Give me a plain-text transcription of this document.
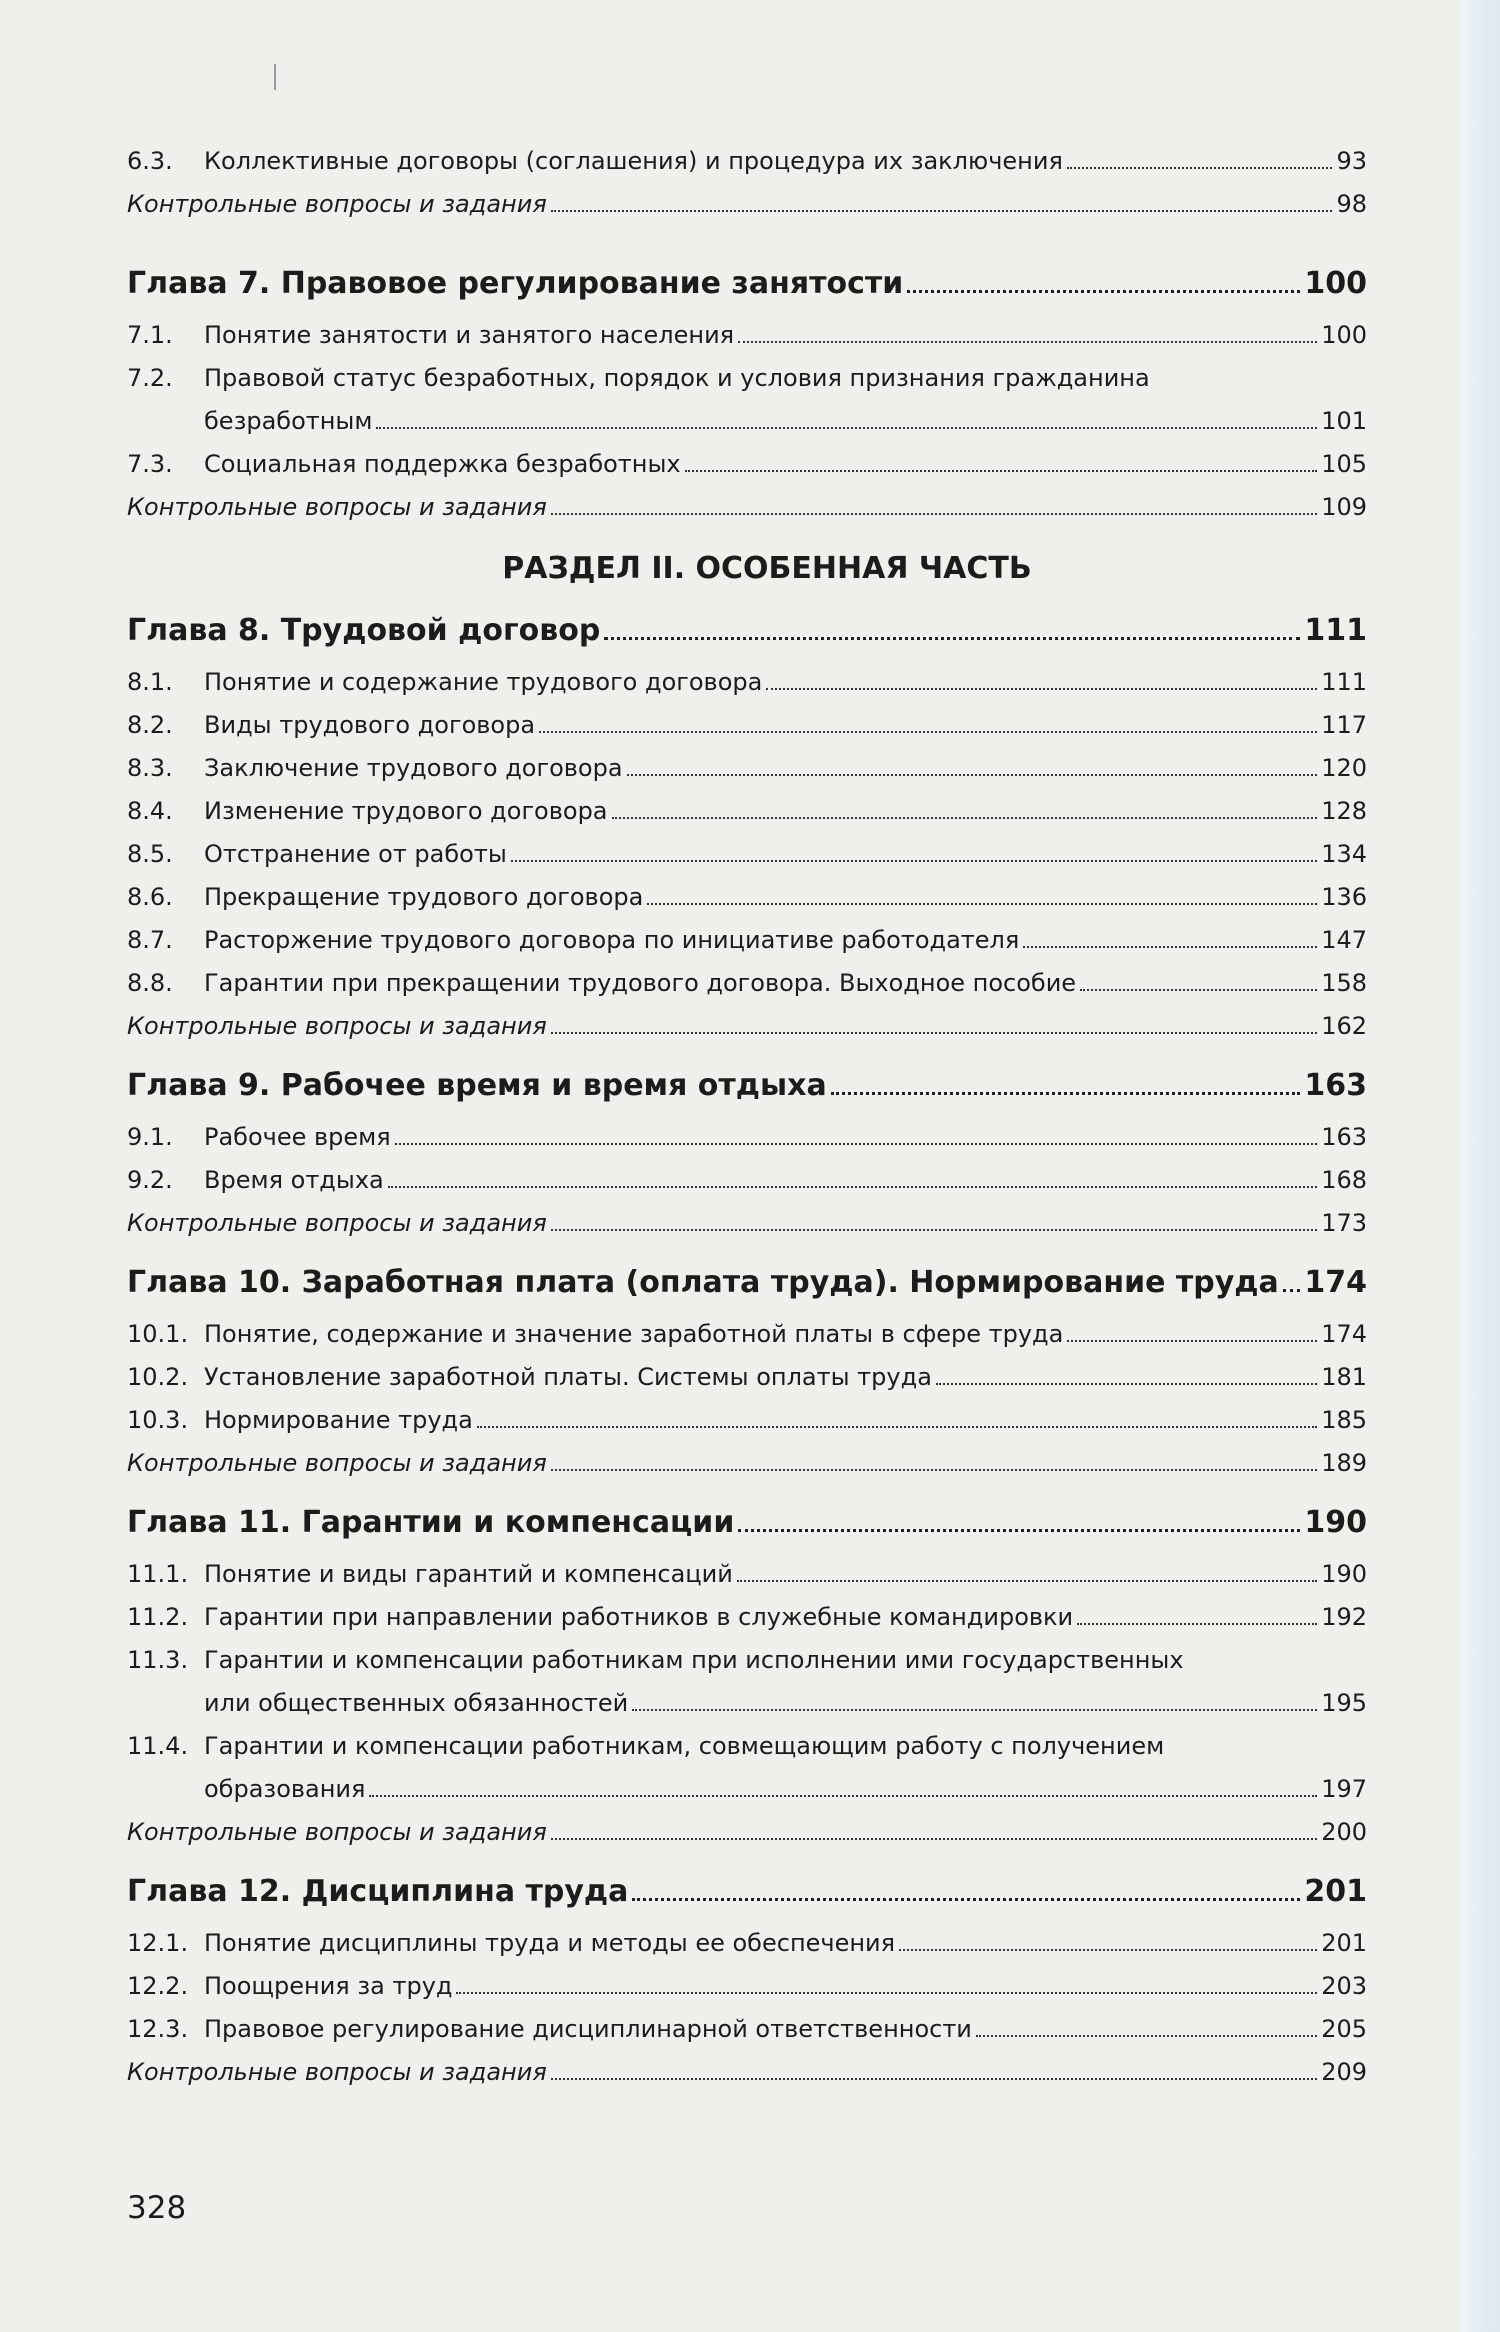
6.3.	Коллективные договоры (соглашения) и процедура их заключения	93
Контрольные вопросы и задания	98
Глава 7. Правовое регулирование занятости	100
7.1.	Понятие занятости и занятого населения	100
7.2.	Правовой статус безработных, порядок и условия признания гражданина
безработным	101
7.3.	Социальная поддержка безработных	105
Контрольные вопросы и задания	109
РАЗДЕЛ II. ОСОБЕННАЯ ЧАСТЬ
Глава 8. Трудовой договор	111
8.1.	Понятие и содержание трудового договора	111
8.2.	Виды трудового договора	117
8.3.	Заключение трудового договора	120
8.4.	Изменение трудового договора	128
8.5.	Отстранение от работы	134
8.6.	Прекращение трудового договора	136
8.7.	Расторжение трудового договора по инициативе работодателя	147
8.8.	Гарантии при прекращении трудового договора. Выходное пособие	158
Контрольные вопросы и задания	162
Глава 9. Рабочее время и время отдыха	163
9.1.	Рабочее время	163
9.2.	Время отдыха	168
Контрольные вопросы и задания	173
Глава 10. Заработная плата (оплата труда). Нормирование труда 174
10.1. Понятие, содержание и значение заработной платы в сфере труда	174
10.2. Установление заработной платы. Системы оплаты труда	181
10.3. Нормирование труда	185
Контрольные вопросы и задания	189
Глава 11. Гарантии и компенсации	190
11.1. Понятие и виды гарантий и компенсаций	190
11.2. Гарантии при направлении работников в служебные командировки	192
11.3. Гарантии и компенсации работникам при исполнении ими государственных
или общественных обязанностей	195
11.4. Гарантии и компенсации работникам, совмещающим работу с получением
образования	197
Контрольные вопросы и задания	200
Глава 12. Дисциплина труда	201
12.1. Понятие дисциплины труда и методы ее обеспечения	201
12.2. Поощрения за труд	203
12.3. Правовое регулирование дисциплинарной ответственности	205
Контрольные вопросы и задания	209
328
